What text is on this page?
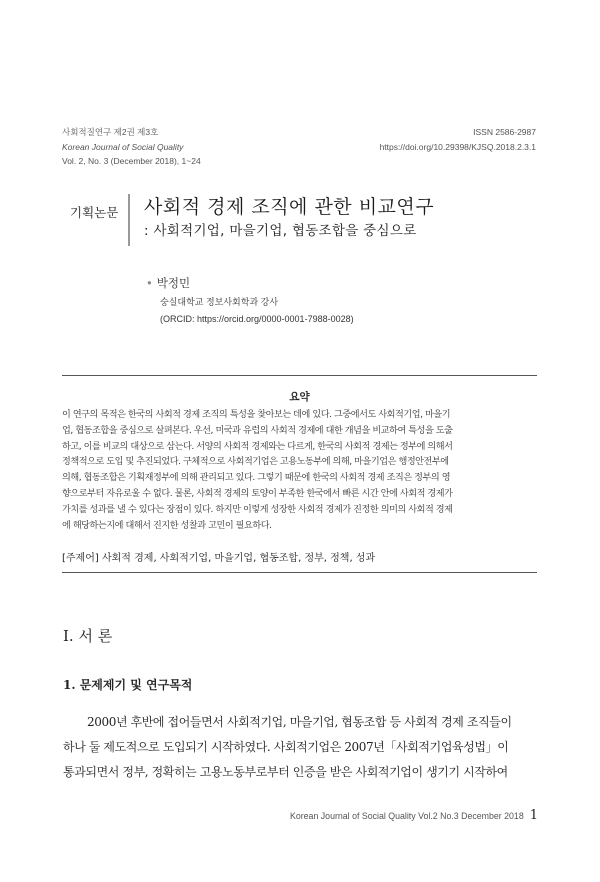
사회적질연구 제2권 제3호
Korean Journal of Social Quality
Vol. 2, No. 3 (December 2018), 1~24
ISSN 2586-2987
https://doi.org/10.29398/KJSQ.2018.2.3.1
기획논문 사회적 경제 조직에 관한 비교연구
: 사회적기업, 마을기업, 협동조합을 중심으로
• 박정민
숭실대학교 정보사회학과 강사
(ORCID: https://orcid.org/0000-0001-7988-0028)
요약
이 연구의 목적은 한국의 사회적 경제 조직의 특성을 찾아보는 데에 있다. 그중에서도 사회적기업, 마을기
업, 협동조합을 중심으로 살펴본다. 우선, 미국과 유럽의 사회적 경제에 대한 개념을 비교하여 특성을 도출
하고, 이를 비교의 대상으로 삼는다. 서양의 사회적 경제와는 다르게, 한국의 사회적 경제는 정부에 의해서
정책적으로 도입 및 추진되었다. 구체적으로 사회적기업은 고용노동부에 의해, 마을기업은 행정안전부에
의해, 협동조합은 기획재정부에 의해 관리되고 있다. 그렇기 때문에 한국의 사회적 경제 조직은 정부의 영
향으로부터 자유로울 수 없다. 물론, 사회적 경제의 토양이 부족한 한국에서 빠른 시간 안에 사회적 경제가
가치를 성과를 낼 수 있다는 장점이 있다. 하지만 이렇게 성장한 사회적 경제가 진정한 의미의 사회적 경제
에 해당하는지에 대해서 진지한 성찰과 고민이 필요하다.
[주제어] 사회적 경제, 사회적기업, 마을기업, 협동조합, 정부, 정책, 성과
Ⅰ. 서 론
1. 문제제기 및 연구목적
2000년 후반에 접어들면서 사회적기업, 마을기업, 협동조합 등 사회적 경제 조직들이
하나 둘 제도적으로 도입되기 시작하였다. 사회적기업은 2007년「사회적기업육성법」이
통과되면서 정부, 정확히는 고용노동부로부터 인증을 받은 사회적기업이 생기기 시작하여
Korean Journal of Social Quality Vol.2 No.3 December 2018 1
